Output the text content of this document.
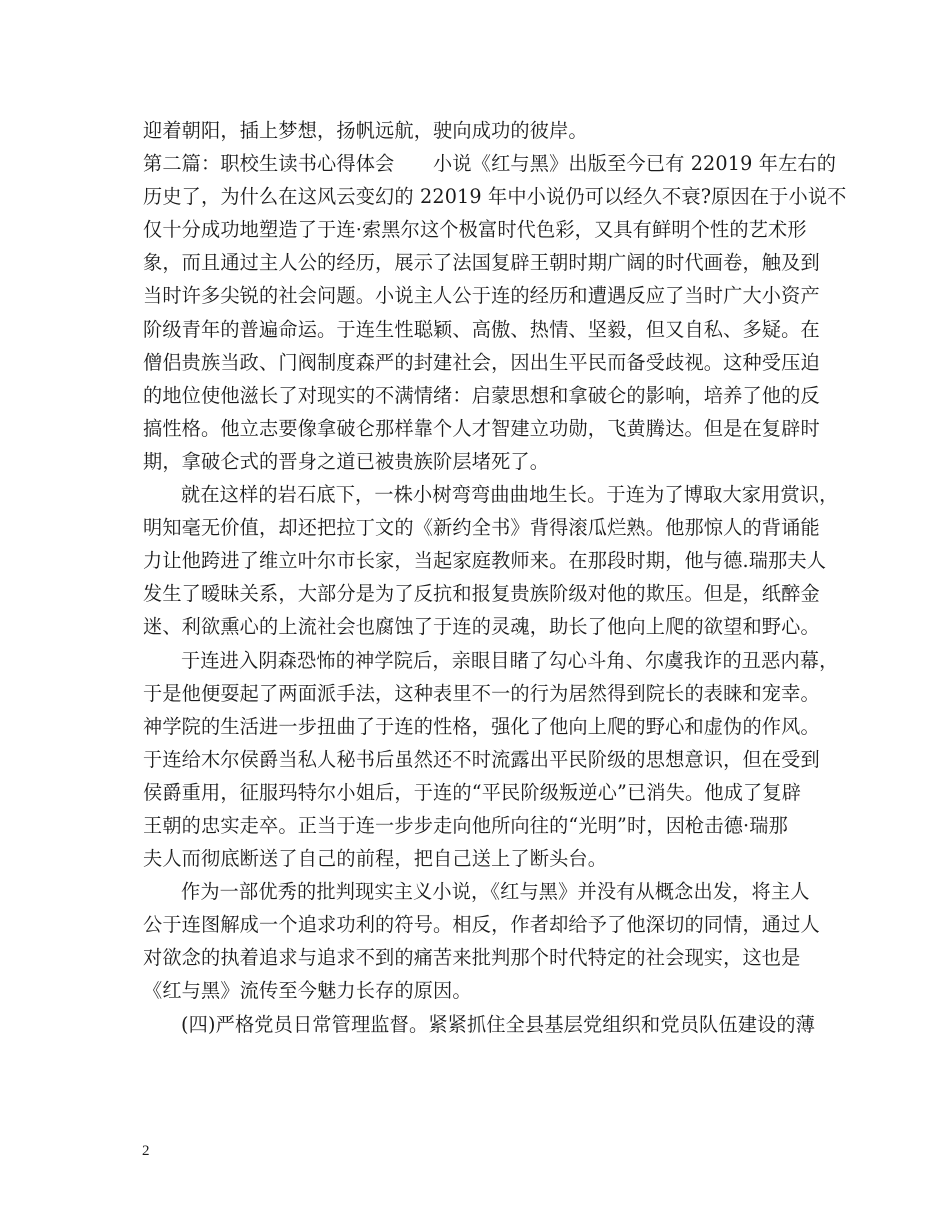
迎着朝阳，插上梦想，扬帆远航，驶向成功的彼岸。
第二篇：职校生读书心得体会　　小说《红与黑》出版至今已有 22019 年左右的
历史了，为什么在这风云变幻的 22019 年中小说仍可以经久不衰?原因在于小说不
仅十分成功地塑造了于连·索黑尔这个极富时代色彩，又具有鲜明个性的艺术形
象，而且通过主人公的经历，展示了法国复辟王朝时期广阔的时代画卷，触及到
当时许多尖锐的社会问题。小说主人公于连的经历和遭遇反应了当时广大小资产
阶级青年的普遍命运。于连生性聪颖、高傲、热情、坚毅，但又自私、多疑。在
僧侣贵族当政、门阀制度森严的封建社会，因出生平民而备受歧视。这种受压迫
的地位使他滋长了对现实的不满情绪：启蒙思想和拿破仑的影响，培养了他的反
搞性格。他立志要像拿破仑那样靠个人才智建立功勋，飞黄腾达。但是在复辟时
期，拿破仑式的晋身之道已被贵族阶层堵死了。
就在这样的岩石底下，一株小树弯弯曲曲地生长。于连为了博取大家用赏识，
明知毫无价值，却还把拉丁文的《新约全书》背得滚瓜烂熟。他那惊人的背诵能
力让他跨进了维立叶尔市长家，当起家庭教师来。在那段时期，他与德.瑞那夫人
发生了暧昧关系，大部分是为了反抗和报复贵族阶级对他的欺压。但是，纸醉金
迷、利欲熏心的上流社会也腐蚀了于连的灵魂，助长了他向上爬的欲望和野心。
于连进入阴森恐怖的神学院后，亲眼目睹了勾心斗角、尔虞我诈的丑恶内幕，
于是他便耍起了两面派手法，这种表里不一的行为居然得到院长的表睐和宠幸。
神学院的生活进一步扭曲了于连的性格，强化了他向上爬的野心和虚伪的作风。
于连给木尔侯爵当私人秘书后虽然还不时流露出平民阶级的思想意识，但在受到
侯爵重用，征服玛特尔小姐后，于连的“平民阶级叛逆心”已消失。他成了复辟
王朝的忠实走卒。正当于连一步步走向他所向往的“光明”时，因枪击德·瑞那
夫人而彻底断送了自己的前程，把自己送上了断头台。
作为一部优秀的批判现实主义小说，《红与黑》并没有从概念出发，将主人
公于连图解成一个追求功利的符号。相反，作者却给予了他深切的同情，通过人
对欲念的执着追求与追求不到的痛苦来批判那个时代特定的社会现实，这也是
《红与黑》流传至今魅力长存的原因。
(四)严格党员日常管理监督。紧紧抓住全县基层党组织和党员队伍建设的薄
2
